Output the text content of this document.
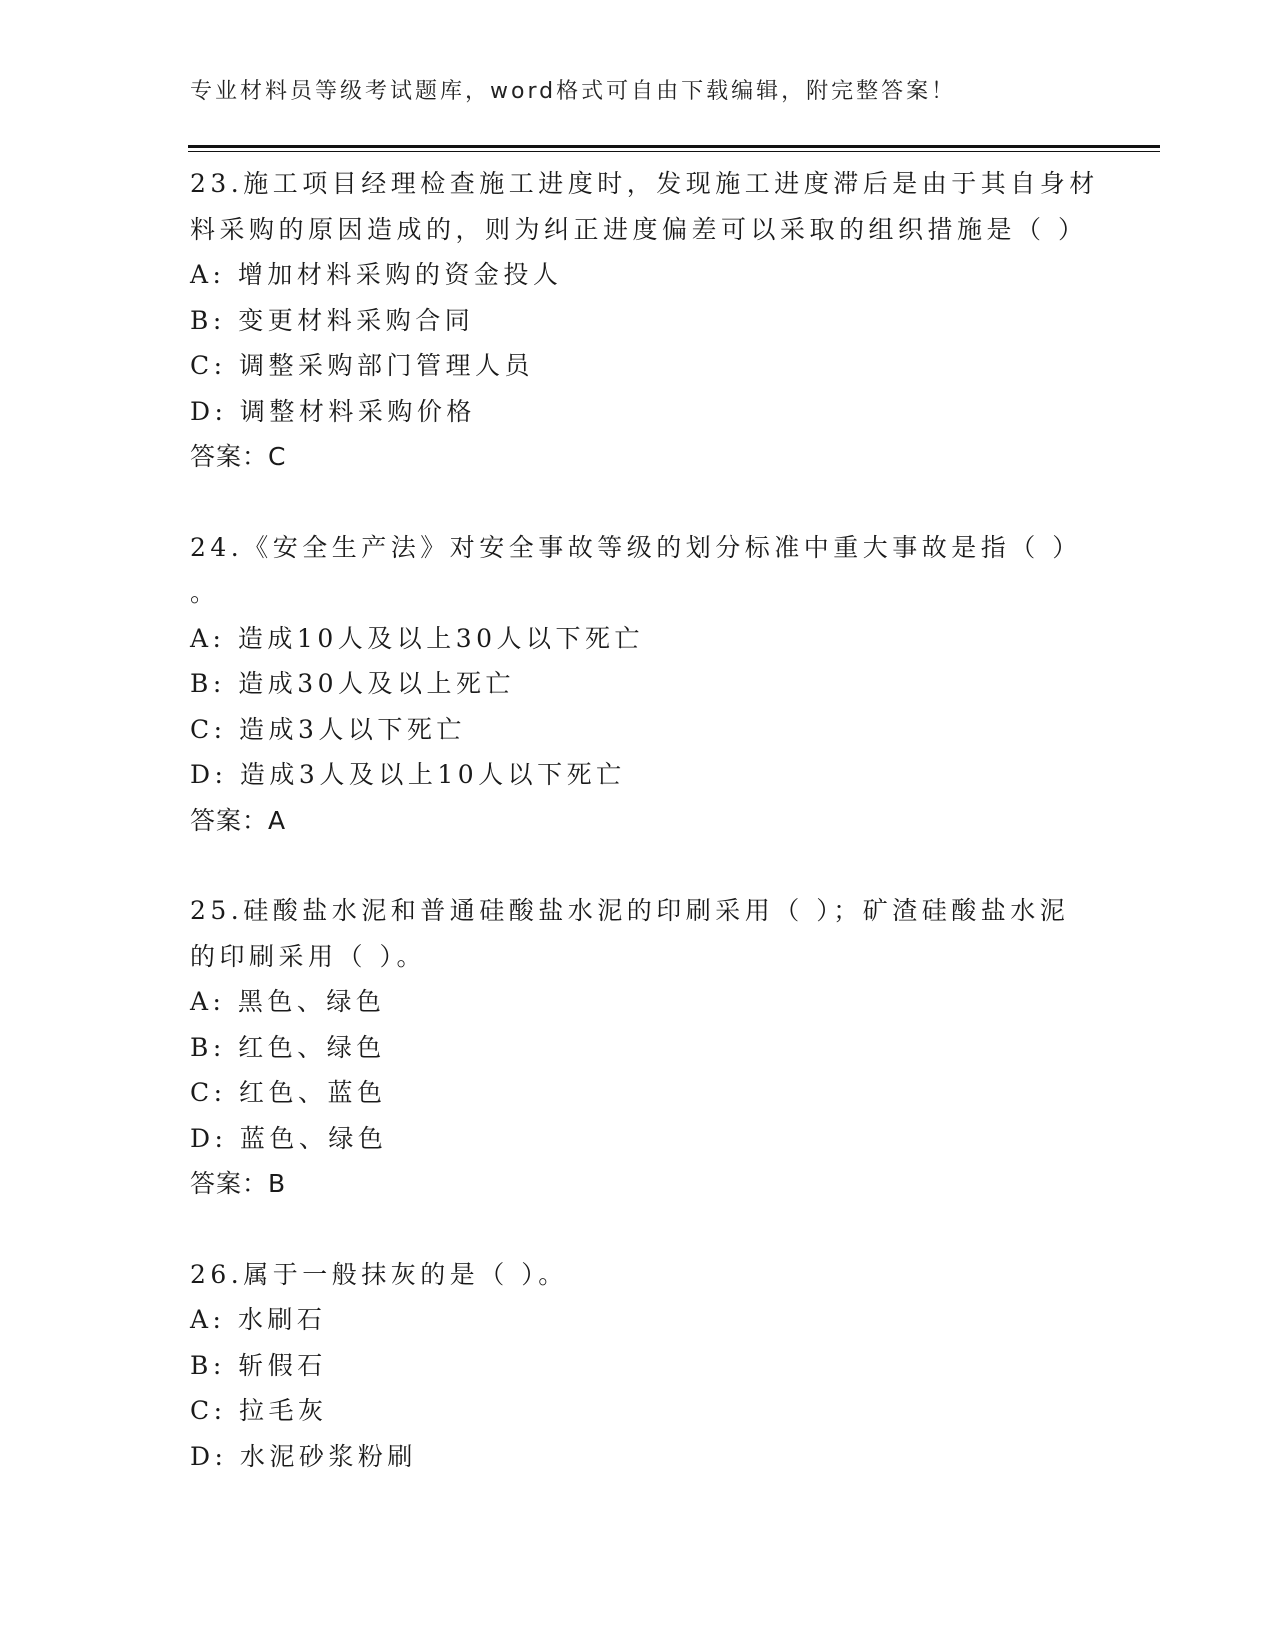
专业材料员等级考试题库，word格式可自由下载编辑，附完整答案！

23.施工项目经理检查施工进度时，发现施工进度滞后是由于其自身材

料采购的原因造成的，则为纠正进度偏差可以采取的组织措施是（ ）

A: 增加材料采购的资金投人

B: 变更材料采购合同

C: 调整采购部门管理人员

D: 调整材料采购价格

答案：C

24.《安全生产法》对安全事故等级的划分标准中重大事故是指（ ）

。

A: 造成10人及以上30人以下死亡

B: 造成30人及以上死亡

C: 造成3人以下死亡

D: 造成3人及以上10人以下死亡

答案：A

25.硅酸盐水泥和普通硅酸盐水泥的印刷采用（ ）；矿渣硅酸盐水泥

的印刷采用（ ）。

A: 黑色、绿色

B: 红色、绿色

C: 红色、蓝色

D: 蓝色、绿色

答案：B

26.属于一般抹灰的是（ ）。

A: 水刷石

B: 斩假石

C: 拉毛灰

D: 水泥砂浆粉刷
